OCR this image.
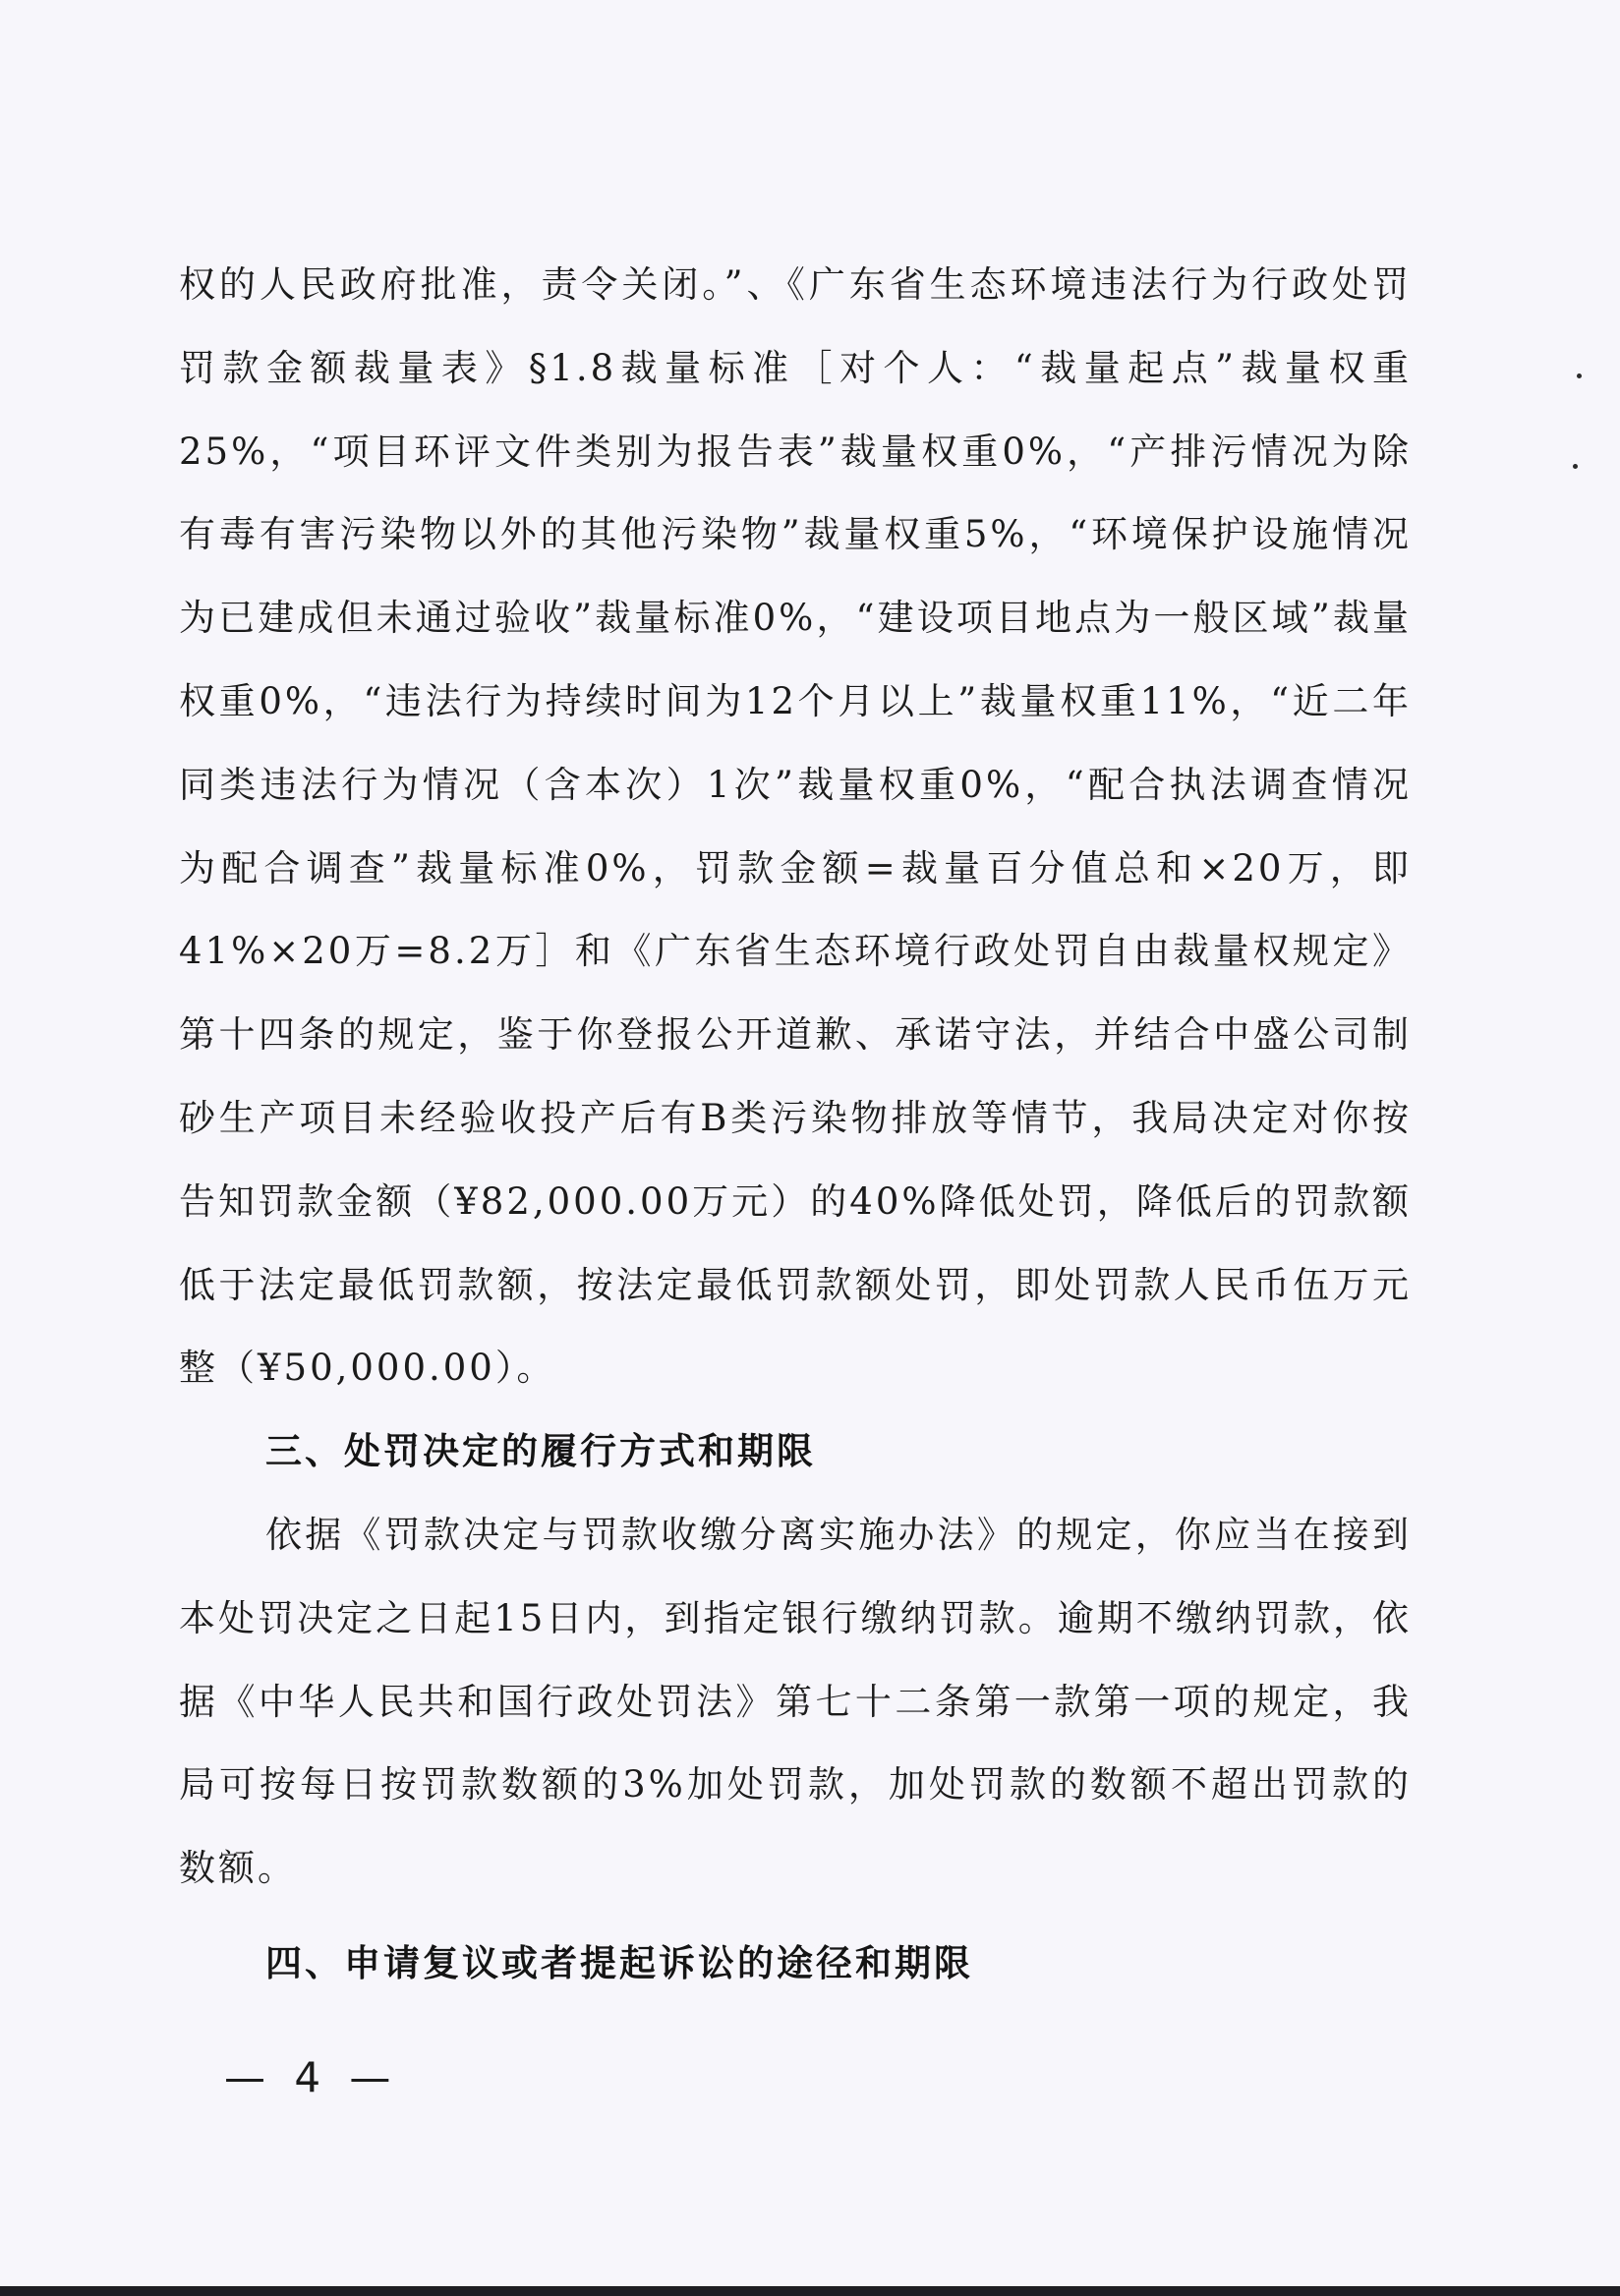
权的人民政府批准，责令关闭。”、《广东省生态环境违法行为行政处罚罚款金额裁量表》§1.8裁量标准［对个人：“裁量起点”裁量权重25%，“项目环评文件类别为报告表”裁量权重0%，“产排污情况为除有毒有害污染物以外的其他污染物”裁量权重5%，“环境保护设施情况为已建成但未通过验收”裁量标准0%，“建设项目地点为一般区域”裁量权重0%，“违法行为持续时间为12个月以上”裁量权重11%，“近二年同类违法行为情况（含本次）1次”裁量权重0%，“配合执法调查情况为配合调查”裁量标准0%，罚款金额=裁量百分值总和×20万，即41%×20万=8.2万］和《广东省生态环境行政处罚自由裁量权规定》第十四条的规定，鉴于你登报公开道歉、承诺守法，并结合中盛公司制砂生产项目未经验收投产后有B类污染物排放等情节，我局决定对你按告知罚款金额（¥82,000.00万元）的40%降低处罚，降低后的罚款额低于法定最低罚款额，按法定最低罚款额处罚，即处罚款人民币伍万元整（¥50,000.00）。

三、处罚决定的履行方式和期限

依据《罚款决定与罚款收缴分离实施办法》的规定，你应当在接到本处罚决定之日起15日内，到指定银行缴纳罚款。逾期不缴纳罚款，依据《中华人民共和国行政处罚法》第七十二条第一款第一项的规定，我局可按每日按罚款数额的3%加处罚款，加处罚款的数额不超出罚款的数额。

四、申请复议或者提起诉讼的途径和期限

— 4 —
